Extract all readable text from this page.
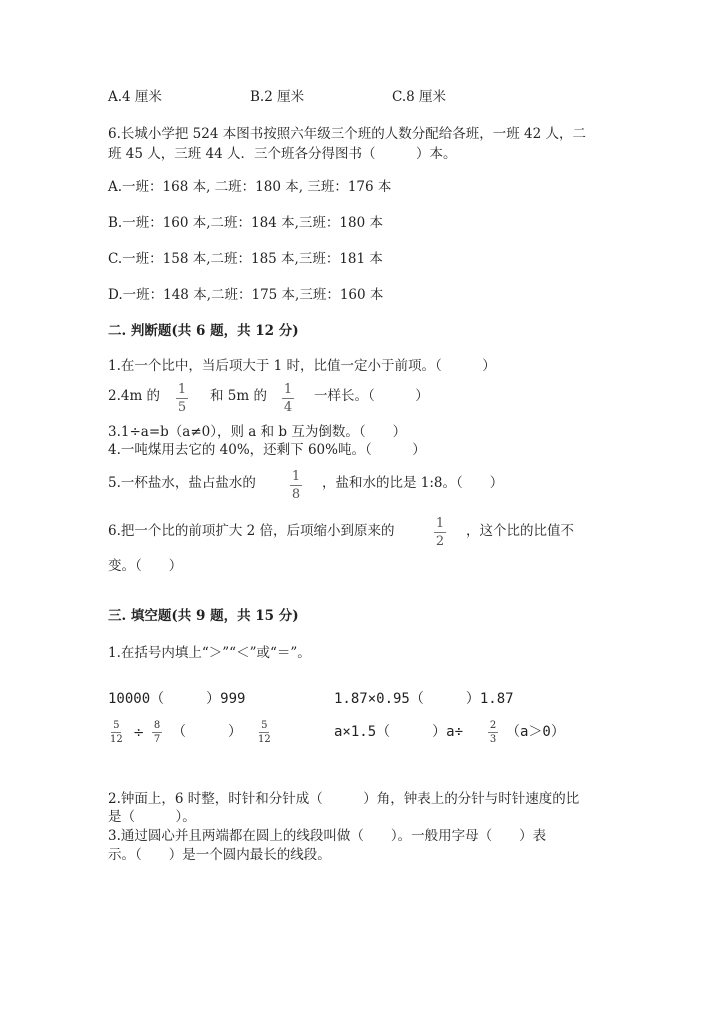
A.4 厘米	B.2 厘米	C.8 厘米
6.长城小学把 524 本图书按照六年级三个班的人数分配给各班，一班 42 人，二
班 45 人，三班 44 人．三个班各分得图书（　　　）本。
A.一班：168 本, 二班：180 本, 三班：176 本
B.一班：160 本,二班：184 本,三班：180 本
C.一班：158 本,二班：185 本,三班：181 本
D.一班：148 本,二班：175 本,三班：160 本
二. 判断题(共 6 题，共 12 分)
1.在一个比中，当后项大于 1 时，比值一定小于前项。（　　　）
2.4m 的 1
5
和 5m 的 1
4
一样长。（　　　）
3.1÷a=b（a≠0），则 a 和 b 互为倒数。（　　）
4.一吨煤用去它的 40%，还剩下 60%吨。（　　　）
5.一杯盐水，盐占盐水的	1
8
，盐和水的比是 1:8。（　　）
6.把一个比的前项扩大 2 倍，后项缩小到原来的	1
2
，这个比的比值不
变。（　　）
三. 填空题(共 9 题，共 15 分)
1.在括号内填上“＞”“＜”或“＝”。
10000（　　　）999	1.87×0.95（　　　）1.87
5
12 ÷ 8
7 （　　　） 5
12	a×1.5（　　　）a÷	2
3 （a＞0）
2.钟面上，6 时整，时针和分针成（　　　）角，钟表上的分针与时针速度的比
是（　　　）。
3.通过圆心并且两端都在圆上的线段叫做（　　）。一般用字母（　　）表
示。（　　）是一个圆内最长的线段。
